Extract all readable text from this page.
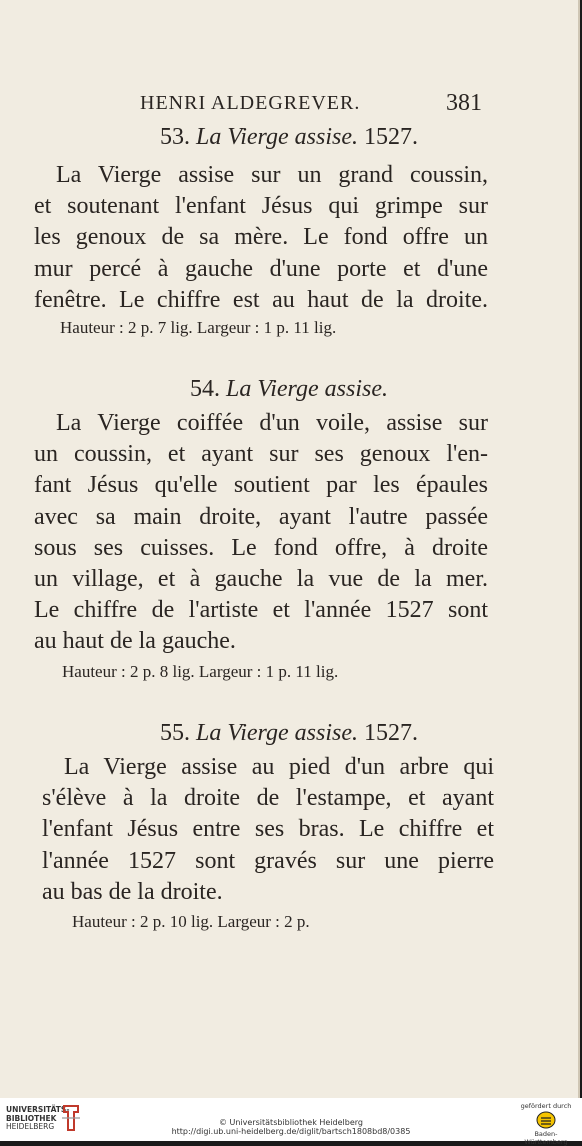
HENRI ALDEGREVER.	381
53. La Vierge assise. 1527.
La Vierge assise sur un grand coussin,
et soutenant l'enfant Jésus qui grimpe sur
les genoux de sa mère. Le fond offre un
mur percé à gauche d'une porte et d'une
fenêtre. Le chiffre est au haut de la droite.
Hauteur : 2 p. 7 lig. Largeur : 1 p. 11 lig.
54. La Vierge assise.
La Vierge coiffée d'un voile, assise sur
un coussin, et ayant sur ses genoux l'en-
fant Jésus qu'elle soutient par les épaules
avec sa main droite, ayant l'autre passée
sous ses cuisses. Le fond offre, à droite
un village, et à gauche la vue de la mer.
Le chiffre de l'artiste et l'année 1527 sont
au haut de la gauche.
Hauteur : 2 p. 8 lig. Largeur : 1 p. 11 lig.
55. La Vierge assise. 1527.
La Vierge assise au pied d'un arbre qui
s'élève à la droite de l'estampe, et ayant
l'enfant Jésus entre ses bras. Le chiffre et
l'année 1527 sont gravés sur une pierre
au bas de la droite.
Hauteur : 2 p. 10 lig. Largeur : 2 p.
UNIVERSITÄTS-
BIBLIOTHEK
HEIDELBERG	© Universitätsbibliothek Heidelberg
http://digi.ub.uni-heidelberg.de/diglit/bartsch1808bd8/0385
gefördert durch
Baden-Württemberg
